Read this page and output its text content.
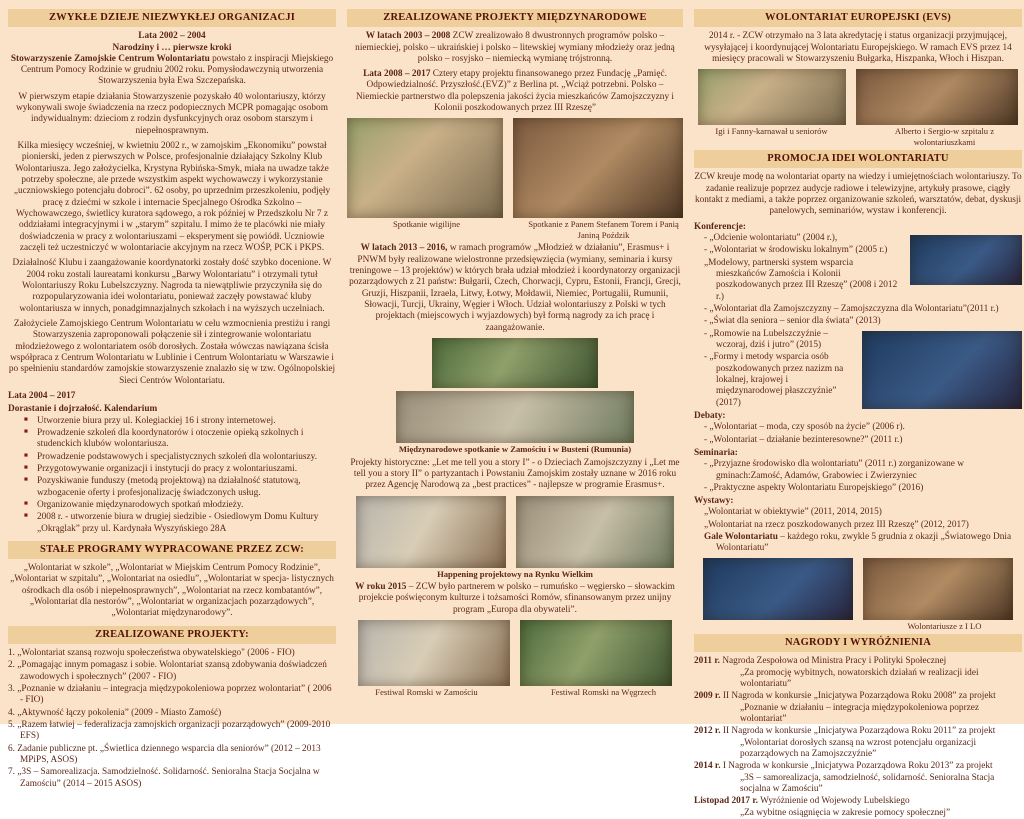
ZWYKŁE DZIEJE NIEZWYKŁEJ ORGANIZACJI
Lata 2002 – 2004
Narodziny i … pierwsze kroki

Stowarzyszenie Zamojskie Centrum Wolontariatu powstało z inspiracji Miejskiego Centrum Pomocy Rodzinie w grudniu 2002 roku. Pomysłodawczynią utworzenia Stowarzyszenia była Ewa Szczepańska.

W pierwszym etapie działania Stowarzyszenie pozyskało 40 wolontariuszy, którzy wykonywali swoje świadczenia na rzecz podopiecznych MCPR pomagając osobom indywidualnym: dzieciom z rodzin dysfunkcyjnych oraz osobom starszym i niepełnosprawnym.

Kilka miesięcy wcześniej, w kwietniu 2002 r., w zamojskim „Ekonomiku” powstał pionierski, jeden z pierwszych w Polsce, profesjonalnie działający Szkolny Klub Wolontariusza. Jego założycielka, Krystyna Rybińska-Smyk, miała na uwadze także potrzeby społeczne, ale przede wszystkim aspekt wychowawczy i wykorzystanie „uczniowskiego potencjału dobroci”. 62 osoby, po uprzednim przeszkoleniu, podjęły pracę z dziećmi w szkole i internacie Specjalnego Ośrodka Szkolno – Wychowawczego, świetlicy kuratora sądowego, a rok później w Przedszkolu Nr 7 z oddziałami integracyjnymi i w „starym” szpitalu. I mimo że te placówki nie miały doświadczenia w pracy z wolontariuszami – eksperyment się powiódł. Uczniowie zaczęli też uczestniczyć w wolontariacie akcyjnym na rzecz WOŚP, PCK i PKPS.

Działalność Klubu i zaangażowanie koordynatorki zostały dość szybko docenione. W 2004 roku zostali laureatami konkursu „Barwy Wolontariatu” i otrzymali tytuł Wolontariuszy Roku Lubelszczyzny. Nagroda ta niewątpliwie przyczyniła się do rozpopularyzowania idei wolontariatu, ponieważ zaczęły powstawać kluby wolontariusza w innych, ponadgimnazjalnych szkołach i na wyższych uczelniach.

Założyciele Zamojskiego Centrum Wolontariatu w celu wzmocnienia prestiżu i rangi Stowarzyszenia zaproponowali połączenie sił i zintegrowanie wolontariatu młodzieżowego z wolontariatem osób dorosłych. Została wówczas nawiązana ścisła współpraca z Centrum Wolontariatu w Lublinie i Centrum Wolontariatu w Warszawie i po spełnieniu standardów zamojskie stowarzyszenie znalazło się w tzw. Ogólnopolskiej Sieci Centrów Wolontariatu.

Lata 2004 – 2017
Dorastanie i dojrzałość. Kalendarium
■ Utworzenie biura przy ul. Kolegiackiej 16 i strony internetowej.
■ Prowadzenie szkoleń dla koordynatorów i otoczenie opieką szkolnych i studenckich klubów wolontariusza.
■ Prowadzenie podstawowych i specjalistycznych szkoleń dla wolontariuszy.
■ Przygotowywanie organizacji i instytucji do pracy z wolontariuszami.
■ Pozyskiwanie funduszy (metodą projektową) na działalność statutową, wzbogacenie oferty i profesjonalizację świadczonych usług.
■ Organizowanie międzynarodowych spotkań młodzieży.
■ 2008 r. - utworzenie biura w drugiej siedzibie - Osiedlowym Domu Kultury „Okrąglak” przy ul. Kardynała Wyszyńskiego 28A
STAŁE PROGRAMY WYPRACOWANE PRZEZ ZCW:

„Wolontariat w szkole”, „Wolontariat w Miejskim Centrum Pomocy Rodzinie”, „Wolontariat w szpitalu”, „Wolontariat na osiedlu”, „Wolontariat w specja- listycznych ośrodkach dla osób i niepełnosprawnych”, „Wolontariat na rzecz kombatantów”, „Wolontariat dla nestorów”, „Wolontariat w organizacjach pozarządowych”, „Wolontariat międzynarodowy”.

ZREALIZOWANE PROJEKTY:
1. „Wolontariat szansą rozwoju społeczeństwa obywatelskiego" (2006 - FIO)
2. „Pomagając innym pomagasz i sobie. Wolontariat szansą zdobywania doświadczeń zawodowych i społecznych” (2007 - FIO)
3. „Poznanie w działaniu – integracja międzypokoleniowa poprzez wolontariat” ( 2006 - FIO)
4. „Aktywność łączy pokolenia” (2009 - Miasto Zamość)
5. „Razem łatwiej – federalizacja zamojskich organizacji pozarządowych” (2009-2010 EFS)
6. Zadanie publiczne pt. „Świetlica dziennego wsparcia dla seniorów” (2012 – 2013 MPiPS, ASOS)
7. „3S – Samorealizacja. Samodzielność. Solidarność. Senioralna Stacja Socjalna w Zamościu” (2014 – 2015 ASOS)
ZREALIZOWANE PROJEKTY MIĘDZYNARODOWE

W latach 2003 – 2008 ZCW zrealizowało 8 dwustronnych programów polsko – niemieckiej, polsko – ukraińskiej i polsko – litewskiej wymiany młodzieży oraz jedną polsko – rosyjsko – niemiecką wymianę trójstronną.

Lata 2008 – 2017 Cztery etapy projektu finansowanego przez Fundację „Pamięć. Odpowiedzialność. Przyszłość.(EVZ)” z Berlina pt. „Wciąż potrzebni. Polsko – Niemieckie partnerstwo dla polepszenia jakości życia mieszkańców Zamojszczyzny i Kolonii poszkodowanych przez III Rzeszę”

Spotkanie wigilijne	Spotkanie z Panem Stefanem Torem i Panią Janiną Poździk

W latach 2013 – 2016, w ramach programów „Młodzież w działaniu”, Erasmus+ i PNWM były realizowane wielostronne przedsięwzięcia (wymiany, seminaria i kursy treningowe – 13 projektów) w których brała udział młodzież i koordynatorzy organizacji pozarządowych z 21 państw: Bułgarii, Czech, Chorwacji, Cypru, Estonii, Francji, Grecji, Gruzji, Hiszpanii, Izraela, Litwy, Łotwy, Mołdawii, Niemiec, Portugalii, Rumunii, Słowacji, Turcji, Ukrainy, Węgier i Włoch. Udział wolontariuszy z Polski w tych projektach (miejscowych i wyjazdowych) był formą nagrody za ich pracę i zaangażowanie.

Międzynarodowe spotkanie w Zamościu i w Busteni (Rumunia)

Projekty historyczne: „Let me tell you a story I” - o Dzieciach Zamojszczyzny i „Let me tell you a story II” o partyzantach i Powstaniu Zamojskim zostały uznane w 2016 roku przez Agencję Narodową za „best practices” - najlepsze w programie Erasmus+.

Happening projektowy na Rynku Wielkim

W roku 2015 – ZCW było partnerem w polsko – rumuńsko – węgiersko – słowackim projekcie poświęconym kulturze i tożsamości Romów, sfinansowanym przez unijny program „Europa dla obywateli”.

Festiwal Romski w Zamościu	Festiwal Romski na Węgrzech
WOLONTARIAT EUROPEJSKI (EVS)

2014 r. - ZCW otrzymało na 3 lata akredytację i status organizacji przyjmującej, wysyłającej i koordynującej Wolontariatu Europejskiego. W ramach EVS przez 14 miesięcy pracowali w Stowarzyszeniu Bułgarka, Hiszpanka, Włoch i Hiszpan.

Igi i Fanny-karnawał u seniorów	Alberto i Sergio-w szpitalu z wolontariuszkami
PROMOCJA IDEI WOLONTARIATU

ZCW kreuje modę na wolontariat oparty na wiedzy i umiejętnościach wolontariuszy. To zadanie realizuje poprzez audycje radiowe i telewizyjne, artykuły prasowe, ciągły kontakt z mediami, a także poprzez organizowanie szkoleń, warsztatów, debat, dyskusji panelowych, seminariów, wystaw i konferencji.

Konferencje:
- „Odcienie wolontariatu” (2004 r.),
- „Wolontariat w środowisku lokalnym” (2005 r.)
„Modelowy, partnerski system wsparcia mieszkańców Zamościa i Kolonii poszkodowanych przez III Rzeszę” (2008 i 2012 r.)
- „Wolontariat dla Zamojszczyzny – Zamojszczyzna dla Wolontariatu”(2011 r.)
- „Świat dla seniora – senior dla świata” (2013)
- „Romowie na Lubelszczyźnie – wczoraj, dziś i jutro” (2015)
- „Formy i metody wsparcia osób poszkodowanych przez nazizm na lokalnej, krajowej i międzynarodowej płaszczyźnie” (2017)
Debaty:
- „Wolontariat – moda, czy sposób na życie” (2006 r).
- „Wolontariat – działanie bezinteresowne?” (2011 r.)
Seminaria:
- „Przyjazne środowisko dla wolontariatu” (2011 r.) zorganizowane w gminach:Zamość, Adamów, Grabowiec i Zwierzyniec
- „Praktyczne aspekty Wolontariatu Europejskiego” (2016)
Wystawy:
„Wolontariat w obiektywie” (2011, 2014, 2015)
„Wolontariat na rzecz poszkodowanych przez III Rzeszę” (2012, 2017)
Gale Wolontariatu – każdego roku, zwykle 5 grudnia z okazji „Światowego Dnia Wolontariatu”
Wolontariusze z I LO
NAGRODY I WYRÓŻNIENIA
2011 r. Nagroda Zespołowa od Ministra Pracy i Polityki Społecznej
„Za promocję wybitnych, nowatorskich działań w realizacji idei wolontariatu”
2009 r. II Nagroda w konkursie „Inicjatywa Pozarządowa Roku 2008” za projekt
„Poznanie w działaniu – integracja międzypokoleniowa poprzez wolontariat”
2012 r. II Nagroda w konkursie „Inicjatywa Pozarządowa Roku 2011” za projekt
„Wolontariat dorosłych szansą na wzrost potencjału organizacji pozarządowych na Zamojszczyźnie”
2014 r. I Nagroda w konkursie „Inicjatywa Pozarządowa Roku 2013” za projekt
„3S – samorealizacja, samodzielność, solidarność. Senioralna Stacja socjalna w Zamościu”
Listopad 2017 r. Wyróżnienie od Wojewody Lubelskiego
„Za wybitne osiągnięcia w zakresie pomocy społecznej”
